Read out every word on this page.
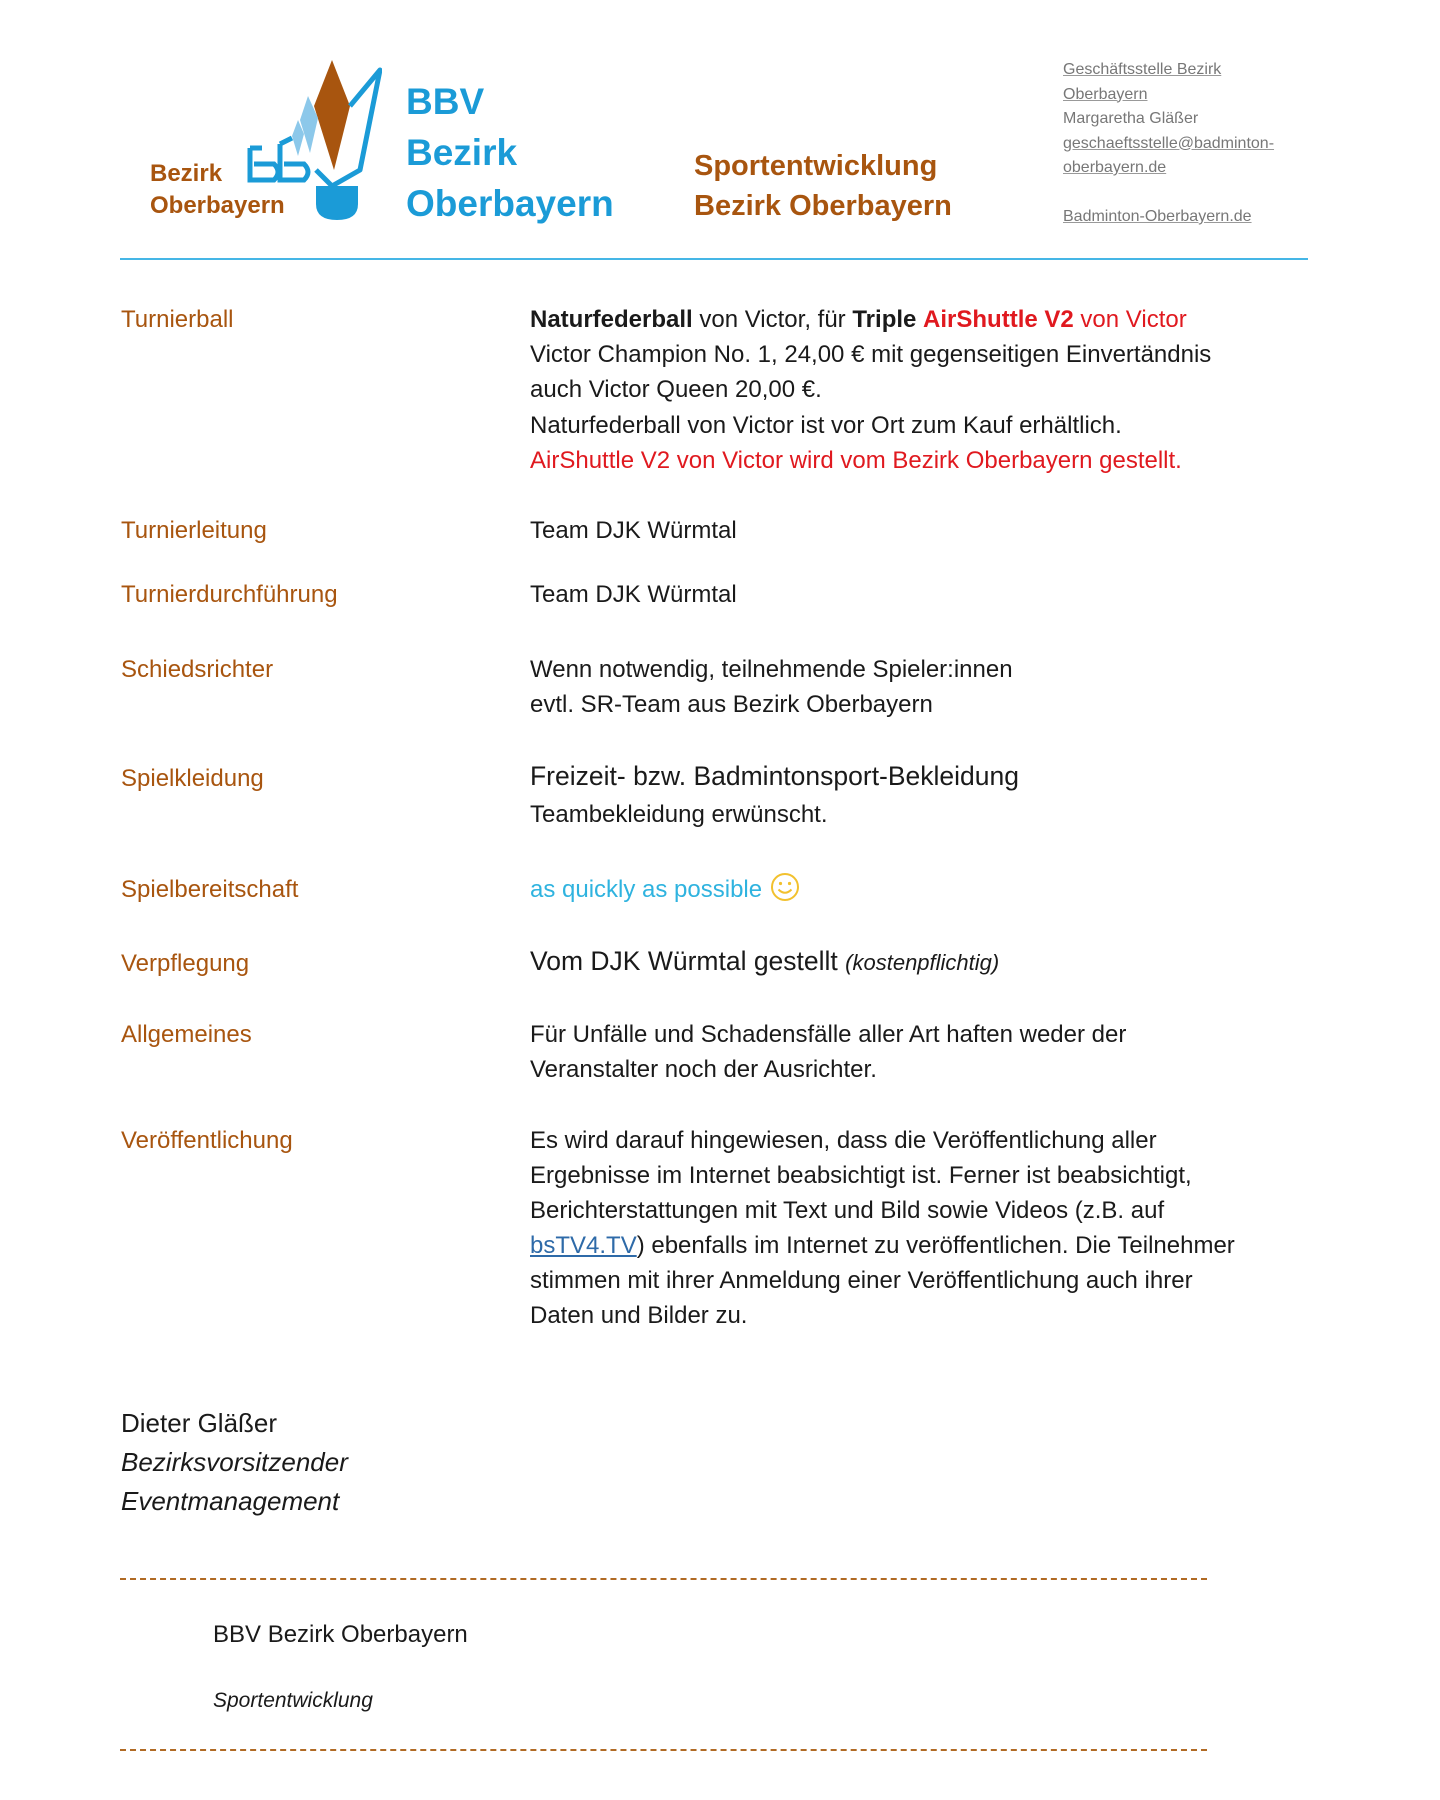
Bezirk
Oberbayern
BBV
Bezirk
Oberbayern
Sportentwicklung
Bezirk Oberbayern
Geschäftsstelle Bezirk
Oberbayern
Margaretha Gläßer
geschaeftsstelle@badminton-
oberbayern.de
Badminton-Oberbayern.de
Turnierball	Naturfederball von Victor, für Triple AirShuttle V2 von Victor
Victor Champion No. 1, 24,00 € mit gegenseitigen Einvertändnis
auch Victor Queen 20,00 €.
Naturfederball von Victor ist vor Ort zum Kauf erhältlich.
AirShuttle V2 von Victor wird vom Bezirk Oberbayern gestellt.
Turnierleitung	Team DJK Würmtal
Turnierdurchführung	Team DJK Würmtal
Schiedsrichter	Wenn notwendig, teilnehmende Spieler:innen
evtl. SR-Team aus Bezirk Oberbayern
Spielkleidung	Freizeit- bzw. Badmintonsport-Bekleidung
Teambekleidung erwünscht.
Spielbereitschaft	as quickly as possible
Verpflegung	Vom DJK Würmtal gestellt (kostenpflichtig)
Allgemeines	Für Unfälle und Schadensfälle aller Art haften weder der
Veranstalter noch der Ausrichter.
Veröffentlichung	Es wird darauf hingewiesen, dass die Veröffentlichung aller
Ergebnisse im Internet beabsichtigt ist. Ferner ist beabsichtigt,
Berichterstattungen mit Text und Bild sowie Videos (z.B. auf
bsTV4.TV) ebenfalls im Internet zu veröffentlichen. Die Teilnehmer
stimmen mit ihrer Anmeldung einer Veröffentlichung auch ihrer
Daten und Bilder zu.
Dieter Gläßer
Bezirksvorsitzender
Eventmanagement
BBV Bezirk Oberbayern
Sportentwicklung
